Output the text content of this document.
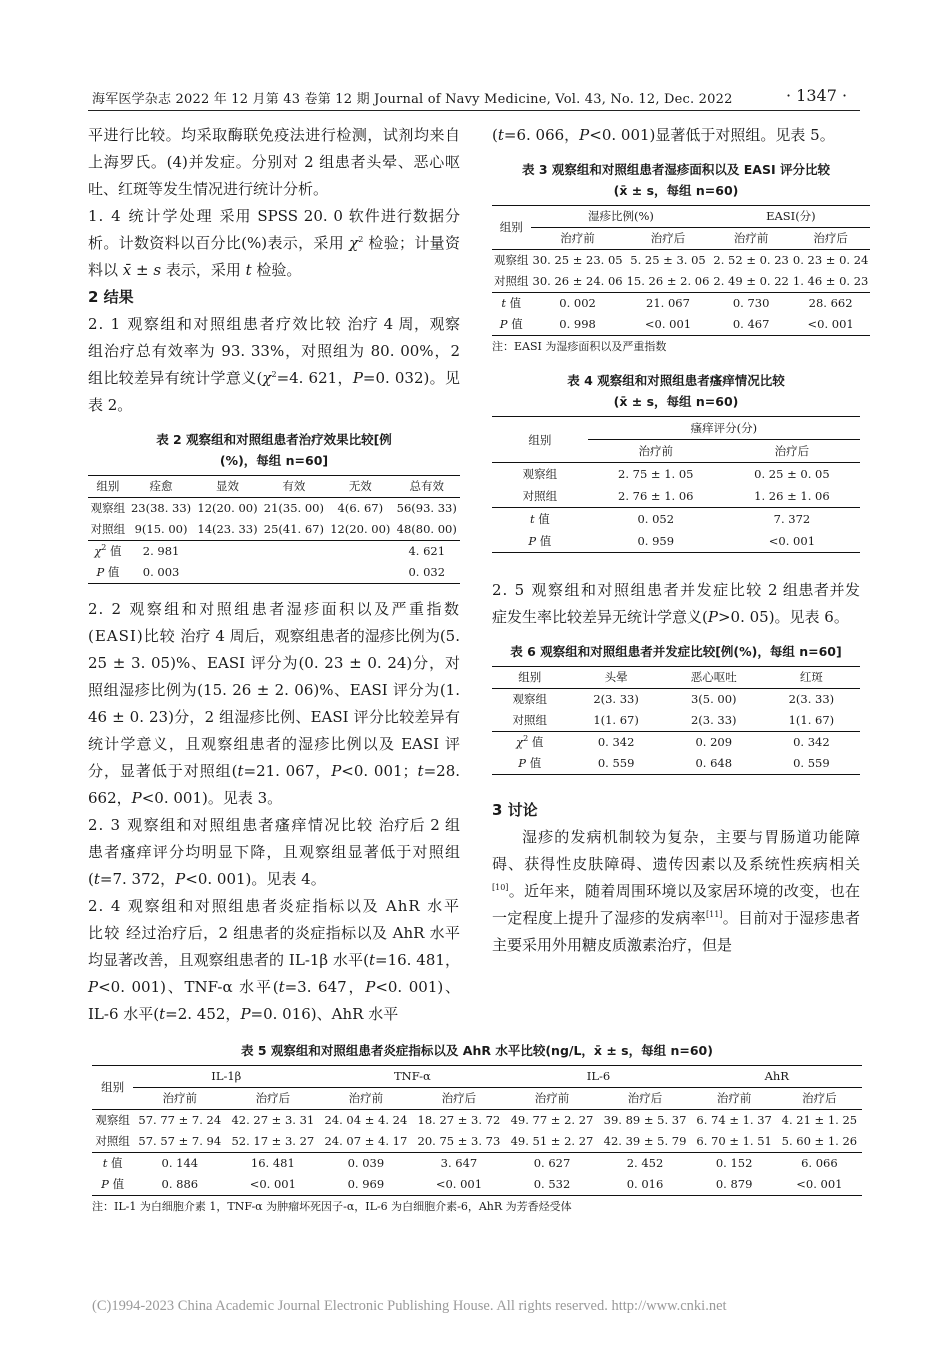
海军医学杂志 2022 年 12 月第 43 卷第 12 期 Journal of Navy Medicine, Vol. 43, No. 12, Dec. 2022	· 1347 ·

平进行比较。均采取酶联免疫法进行检测，试剂均来自上海罗氏。(4)并发症。分别对 2 组患者头晕、恶心呕吐、红斑等发生情况进行统计分析。

1. 4 统计学处理 采用 SPSS 20. 0 软件进行数据分析。计数资料以百分比(%)表示，采用 $\chi^2$ 检验；计量资料以 x̄ ± s 表示，采用 t 检验。

2 结果

2. 1 观察组和对照组患者疗效比较 治疗 4 周，观察组治疗总有效率为 93. 33%，对照组为 80. 00%，2 组比较差异有统计学意义($\chi^2=4$. 621，P=0. 032)。见表 2。

表 2 观察组和对照组患者治疗效果比较[例(%)，每组 n=60]
组别	痊愈	显效	有效	无效	总有效
观察组	23(38. 33)	12(20. 00)	21(35. 00)	4(6. 67)	56(93. 33)
对照组	9(15. 00)	14(23. 33)	25(41. 67)	12(20. 00)	48(80. 00)
$\chi^2$ 值	2. 981				4. 621
P 值	0. 003				0. 032

2. 2 观察组和对照组患者湿疹面积以及严重指数(EASI)比较 治疗 4 周后，观察组患者的湿疹比例为(5. 25 ± 3. 05)%、EASI 评分为(0. 23 ± 0. 24)分，对照组湿疹比例为(15. 26 ± 2. 06)%、EASI 评分为(1. 46 ± 0. 23)分，2 组湿疹比例、EASI 评分比较差异有统计学意义，且观察组患者的湿疹比例以及 EASI 评分，显著低于对照组(t=21. 067，P<0. 001；t=28. 662，P<0. 001)。见表 3。

2. 3 观察组和对照组患者瘙痒情况比较 治疗后 2 组患者瘙痒评分均明显下降，且观察组显著低于对照组(t=7. 372，P<0. 001)。见表 4。

2. 4 观察组和对照组患者炎症指标以及 AhR 水平比较 经过治疗后，2 组患者的炎症指标以及 AhR 水平均显著改善，且观察组患者的 IL-1β 水平(t=16. 481，P<0. 001)、TNF-α 水平(t=3. 647，P<0. 001)、IL-6 水平(t=2. 452，P=0. 016)、AhR 水平

(t=6. 066，P<0. 001)显著低于对照组。见表 5。

表 3 观察组和对照组患者湿疹面积以及 EASI 评分比较
(x̄ ± s，每组 n=60)
组别	湿疹比例(%)		EASI(分)	
	治疗前	治疗后	治疗前	治疗后
观察组	30. 25 ± 23. 05	5. 25 ± 3. 05	2. 52 ± 0. 23	0. 23 ± 0. 24
对照组	30. 26 ± 24. 06	15. 26 ± 2. 06	2. 49 ± 0. 22	1. 46 ± 0. 23
t 值	0. 002	21. 067	0. 730	28. 662
P 值	0. 998	<0. 001	0. 467	<0. 001

注：EASI 为湿疹面积以及严重指数

表 4 观察组和对照组患者瘙痒情况比较
(x̄ ± s，每组 n=60)
组别	瘙痒评分(分)	
	治疗前	治疗后
观察组	2. 75 ± 1. 05	0. 25 ± 0. 05
对照组	2. 76 ± 1. 06	1. 26 ± 1. 06
t 值	0. 052	7. 372
P 值	0. 959	<0. 001

2. 5 观察组和对照组患者并发症比较 2 组患者并发症发生率比较差异无统计学意义(P>0. 05)。见表 6。

表 6 观察组和对照组患者并发症比较[例(%)，每组 n=60]
组别	头晕	恶心呕吐	红斑
观察组	2(3. 33)	3(5. 00)	2(3. 33)
对照组	1(1. 67)	2(3. 33)	1(1. 67)
$\chi^2$ 值	0. 342	0. 209	0. 342
P 值	0. 559	0. 648	0. 559

3 讨论

湿疹的发病机制较为复杂，主要与胃肠道功能障碍、获得性皮肤障碍、遗传因素以及系统性疾病相关[10]。近年来，随着周围环境以及家居环境的改变，也在一定程度上提升了湿疹的发病率[11]。目前对于湿疹患者主要采用外用糖皮质激素治疗，但是

表 5 观察组和对照组患者炎症指标以及 AhR 水平比较(ng/L，x̄ ± s，每组 n=60)
组别	IL-1β		TNF-α		IL-6		AhR	
	治疗前	治疗后	治疗前	治疗后	治疗前	治疗后	治疗前	治疗后
观察组	57. 77 ± 7. 24	42. 27 ± 3. 31	24. 04 ± 4. 24	18. 27 ± 3. 72	49. 77 ± 2. 27	39. 89 ± 5. 37	6. 74 ± 1. 37	4. 21 ± 1. 25
对照组	57. 57 ± 7. 94	52. 17 ± 3. 27	24. 07 ± 4. 17	20. 75 ± 3. 73	49. 51 ± 2. 27	42. 39 ± 5. 79	6. 70 ± 1. 51	5. 60 ± 1. 26
t 值	0. 144	16. 481	0. 039	3. 647	0. 627	2. 452	0. 152	6. 066
P 值	0. 886	<0. 001	0. 969	<0. 001	0. 532	0. 016	0. 879	<0. 001

注：IL-1 为白细胞介素 1，TNF-α 为肿瘤坏死因子-α，IL-6 为白细胞介素-6，AhR 为芳香烃受体

(C)1994-2023 China Academic Journal Electronic Publishing House. All rights reserved. http://www.cnki.net
